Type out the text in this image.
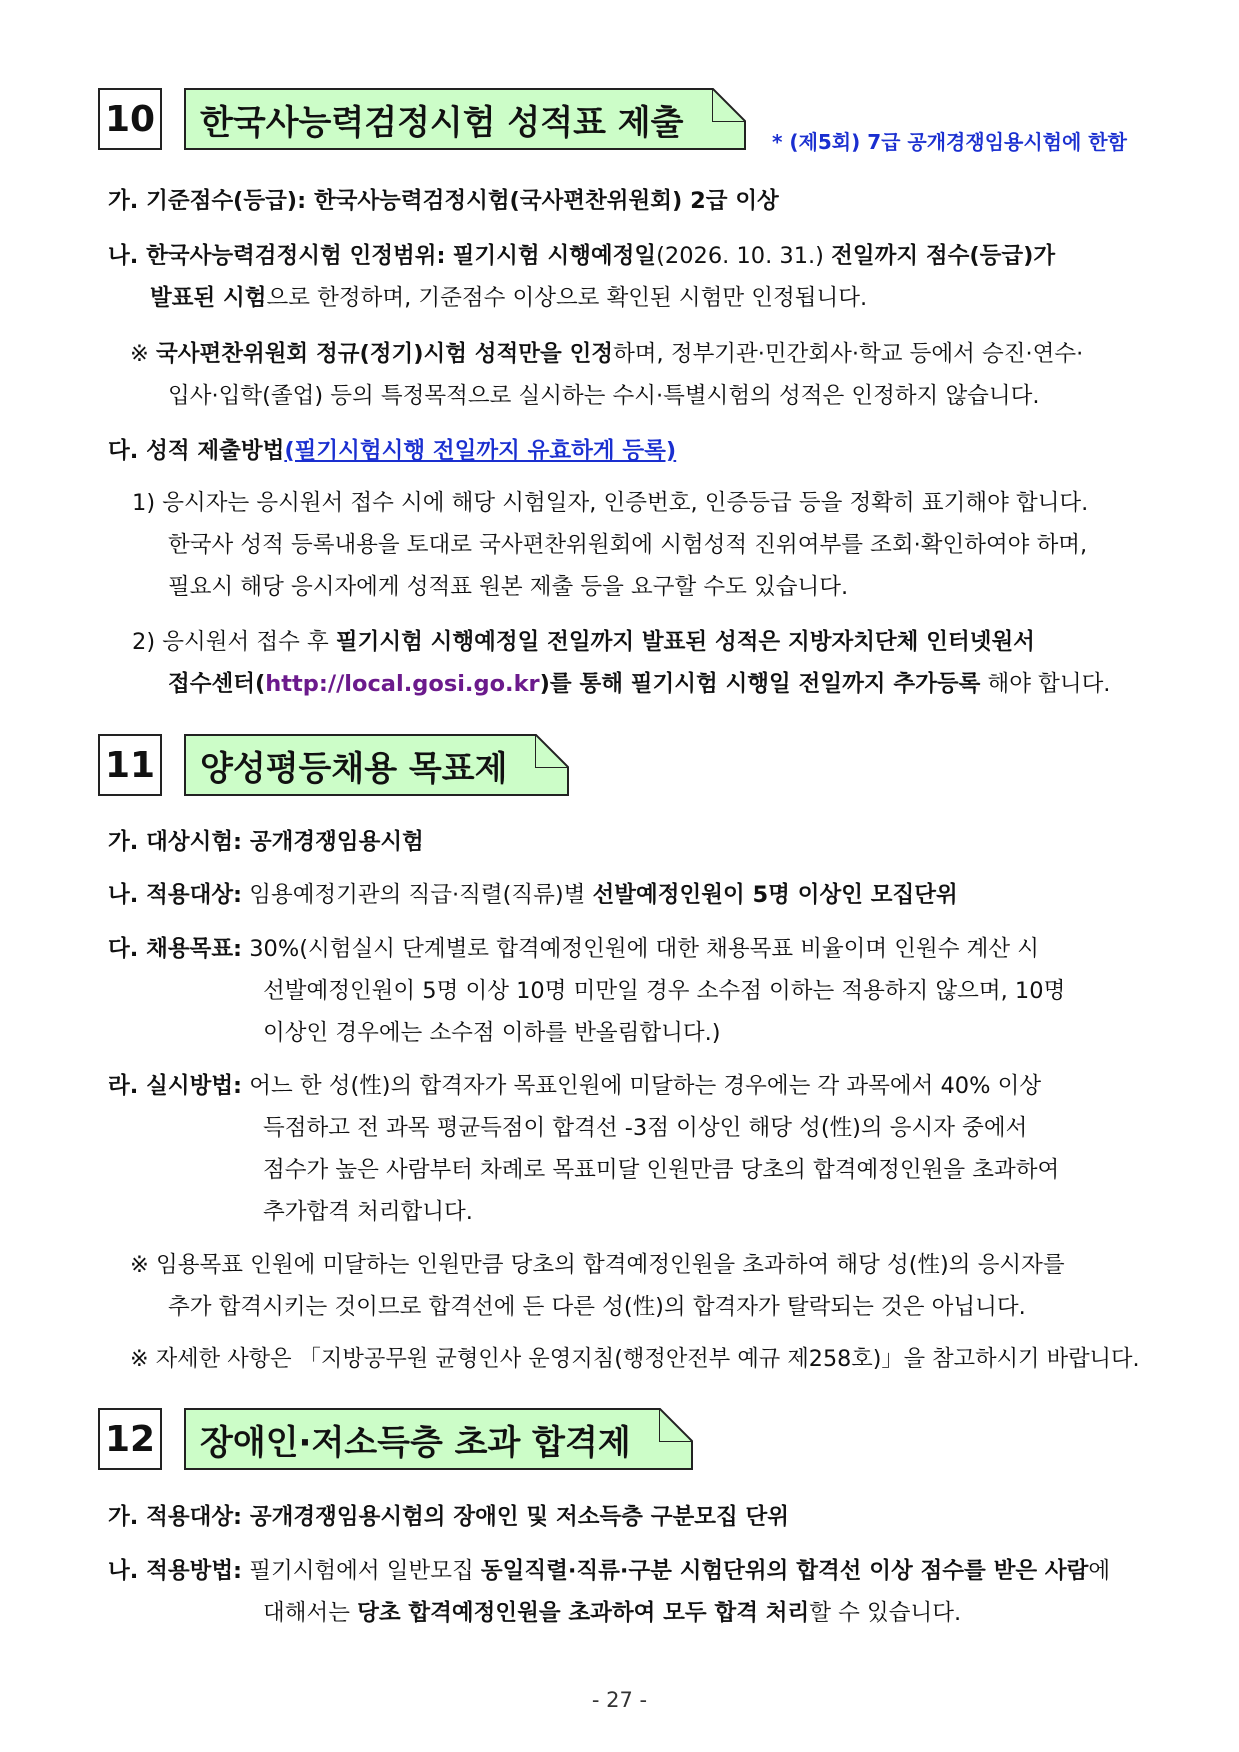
10 한국사능력검정시험 성적표 제출	* (제5회) 7급 공개경쟁임용시험에 한함
가. 기준점수(등급): 한국사능력검정시험(국사편찬위원회) 2급 이상
나. 한국사능력검정시험 인정범위: 필기시험 시행예정일(2026. 10. 31.) 전일까지 점수(등급)가
발표된 시험으로 한정하며, 기준점수 이상으로 확인된 시험만 인정됩니다.
※ 국사편찬위원회 정규(정기)시험 성적만을 인정하며, 정부기관·민간회사·학교 등에서 승진·연수·
입사·입학(졸업) 등의 특정목적으로 실시하는 수시·특별시험의 성적은 인정하지 않습니다.
다. 성적 제출방법(필기시험시행 전일까지 유효하게 등록)
1) 응시자는 응시원서 접수 시에 해당 시험일자, 인증번호, 인증등급 등을 정확히 표기해야 합니다.
한국사 성적 등록내용을 토대로 국사편찬위원회에 시험성적 진위여부를 조회·확인하여야 하며,
필요시 해당 응시자에게 성적표 원본 제출 등을 요구할 수도 있습니다.
2) 응시원서 접수 후 필기시험 시행예정일 전일까지 발표된 성적은 지방자치단체 인터넷원서
접수센터(http://local.gosi.go.kr)를 통해 필기시험 시행일 전일까지 추가등록 해야 합니다.
11 양성평등채용 목표제
가. 대상시험: 공개경쟁임용시험
나. 적용대상: 임용예정기관의 직급·직렬(직류)별 선발예정인원이 5명 이상인 모집단위
다. 채용목표: 30%(시험실시 단계별로 합격예정인원에 대한 채용목표 비율이며 인원수 계산 시
선발예정인원이 5명 이상 10명 미만일 경우 소수점 이하는 적용하지 않으며, 10명
이상인 경우에는 소수점 이하를 반올림합니다.)
라. 실시방법: 어느 한 성(性)의 합격자가 목표인원에 미달하는 경우에는 각 과목에서 40% 이상
득점하고 전 과목 평균득점이 합격선 -3점 이상인 해당 성(性)의 응시자 중에서
점수가 높은 사람부터 차례로 목표미달 인원만큼 당초의 합격예정인원을 초과하여
추가합격 처리합니다.
※ 임용목표 인원에 미달하는 인원만큼 당초의 합격예정인원을 초과하여 해당 성(性)의 응시자를
추가 합격시키는 것이므로 합격선에 든 다른 성(性)의 합격자가 탈락되는 것은 아닙니다.
※ 자세한 사항은 「지방공무원 균형인사 운영지침(행정안전부 예규 제258호)」을 참고하시기 바랍니다.
12 장애인·저소득층 초과 합격제
가. 적용대상: 공개경쟁임용시험의 장애인 및 저소득층 구분모집 단위
나. 적용방법: 필기시험에서 일반모집 동일직렬·직류·구분 시험단위의 합격선 이상 점수를 받은 사람에
대해서는 당초 합격예정인원을 초과하여 모두 합격 처리할 수 있습니다.
- 27 -
